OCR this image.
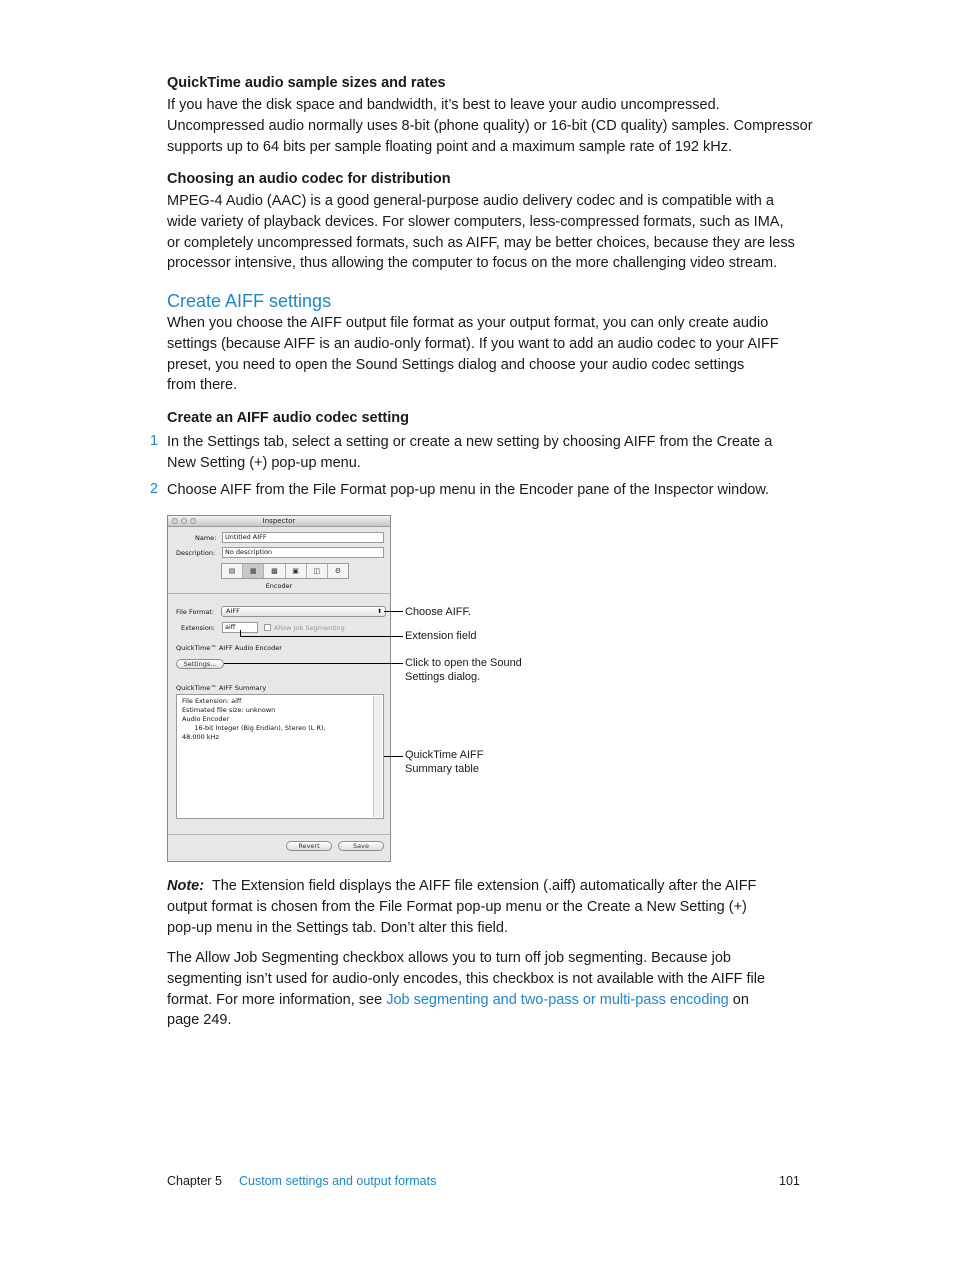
QuickTime audio sample sizes and rates
If you have the disk space and bandwidth, it’s best to leave your audio uncompressed.
Uncompressed audio normally uses 8-bit (phone quality) or 16-bit (CD quality) samples. Compressor
supports up to 64 bits per sample floating point and a maximum sample rate of 192 kHz.
Choosing an audio codec for distribution
MPEG-4 Audio (AAC) is a good general-purpose audio delivery codec and is compatible with a
wide variety of playback devices. For slower computers, less-compressed formats, such as IMA,
or completely uncompressed formats, such as AIFF, may be better choices, because they are less
processor intensive, thus allowing the computer to focus on the more challenging video stream.
Create AIFF settings
When you choose the AIFF output file format as your output format, you can only create audio
settings (because AIFF is an audio-only format). If you want to add an audio codec to your AIFF
preset, you need to open the Sound Settings dialog and choose your audio codec settings
from there.
Create an AIFF audio codec setting
1 In the Settings tab, select a setting or create a new setting by choosing AIFF from the Create a
New Setting (+) pop-up menu.
2 Choose AIFF from the File Format pop-up menu in the Encoder pane of the Inspector window.
Inspector
Name:	Untitled AIFF
Description:	No description
▤	▦	▩	▣	◫	⚙
Encoder
File Format:	AIFF	⬍
Extension:	aiff	Allow Job Segmenting
QuickTime™ AIFF Audio Encoder
Settings...
QuickTime™ AIFF Summary
File Extension: aiff
Estimated file size: unknown
Audio Encoder
16-bit Integer (Big Endian), Stereo (L R),
48.000 kHz
Revert	Save
Choose AIFF.
Extension field
Click to open the Sound
Settings dialog.
QuickTime AIFF
Summary table
Note: The Extension field displays the AIFF file extension (.aiff) automatically after the AIFF
output format is chosen from the File Format pop-up menu or the Create a New Setting (+)
pop-up menu in the Settings tab. Don’t alter this field.
The Allow Job Segmenting checkbox allows you to turn off job segmenting. Because job
segmenting isn’t used for audio-only encodes, this checkbox is not available with the AIFF file
format. For more information, see Job segmenting and two-pass or multi-pass encoding on
page 249.
Chapter 5 Custom settings and output formats	101
